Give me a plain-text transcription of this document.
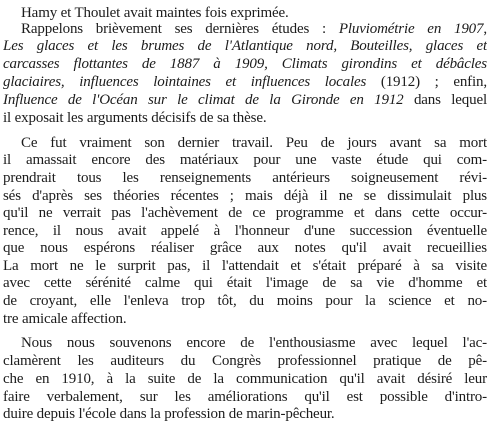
Hamy et Thoulet avait maintes fois exprimée.
Rappelons brièvement ses dernières études : Pluviométrie en 1907,
Les glaces et les brumes de l'Atlantique nord, Bouteilles, glaces et
carcasses flottantes de 1887 à 1909, Climats girondins et débâcles
glaciaires, influences lointaines et influences locales (1912) ; enfin,
Influence de l'Océan sur le climat de la Gironde en 1912 dans lequel
il exposait les arguments décisifs de sa thèse.
Ce fut vraiment son dernier travail. Peu de jours avant sa mort
il amassait encore des matériaux pour une vaste étude qui com-
prendrait tous les renseignements antérieurs soigneusement révi-
sés d'après ses théories récentes ; mais déjà il ne se dissimulait plus
qu'il ne verrait pas l'achèvement de ce programme et dans cette occur-
rence, il nous avait appelé à l'honneur d'une succession éventuelle
que nous espérons réaliser grâce aux notes qu'il avait recueillies
La mort ne le surprit pas, il l'attendait et s'était préparé à sa visite
avec cette sérénité calme qui était l'image de sa vie d'homme et
de croyant, elle l'enleva trop tôt, du moins pour la science et no-
tre amicale affection.
Nous nous souvenons encore de l'enthousiasme avec lequel l'ac-
clamèrent les auditeurs du Congrès professionnel pratique de pê-
che en 1910, à la suite de la communication qu'il avait désiré leur
faire verbalement, sur les améliorations qu'il est possible d'intro-
duire depuis l'école dans la profession de marin-pêcheur.
